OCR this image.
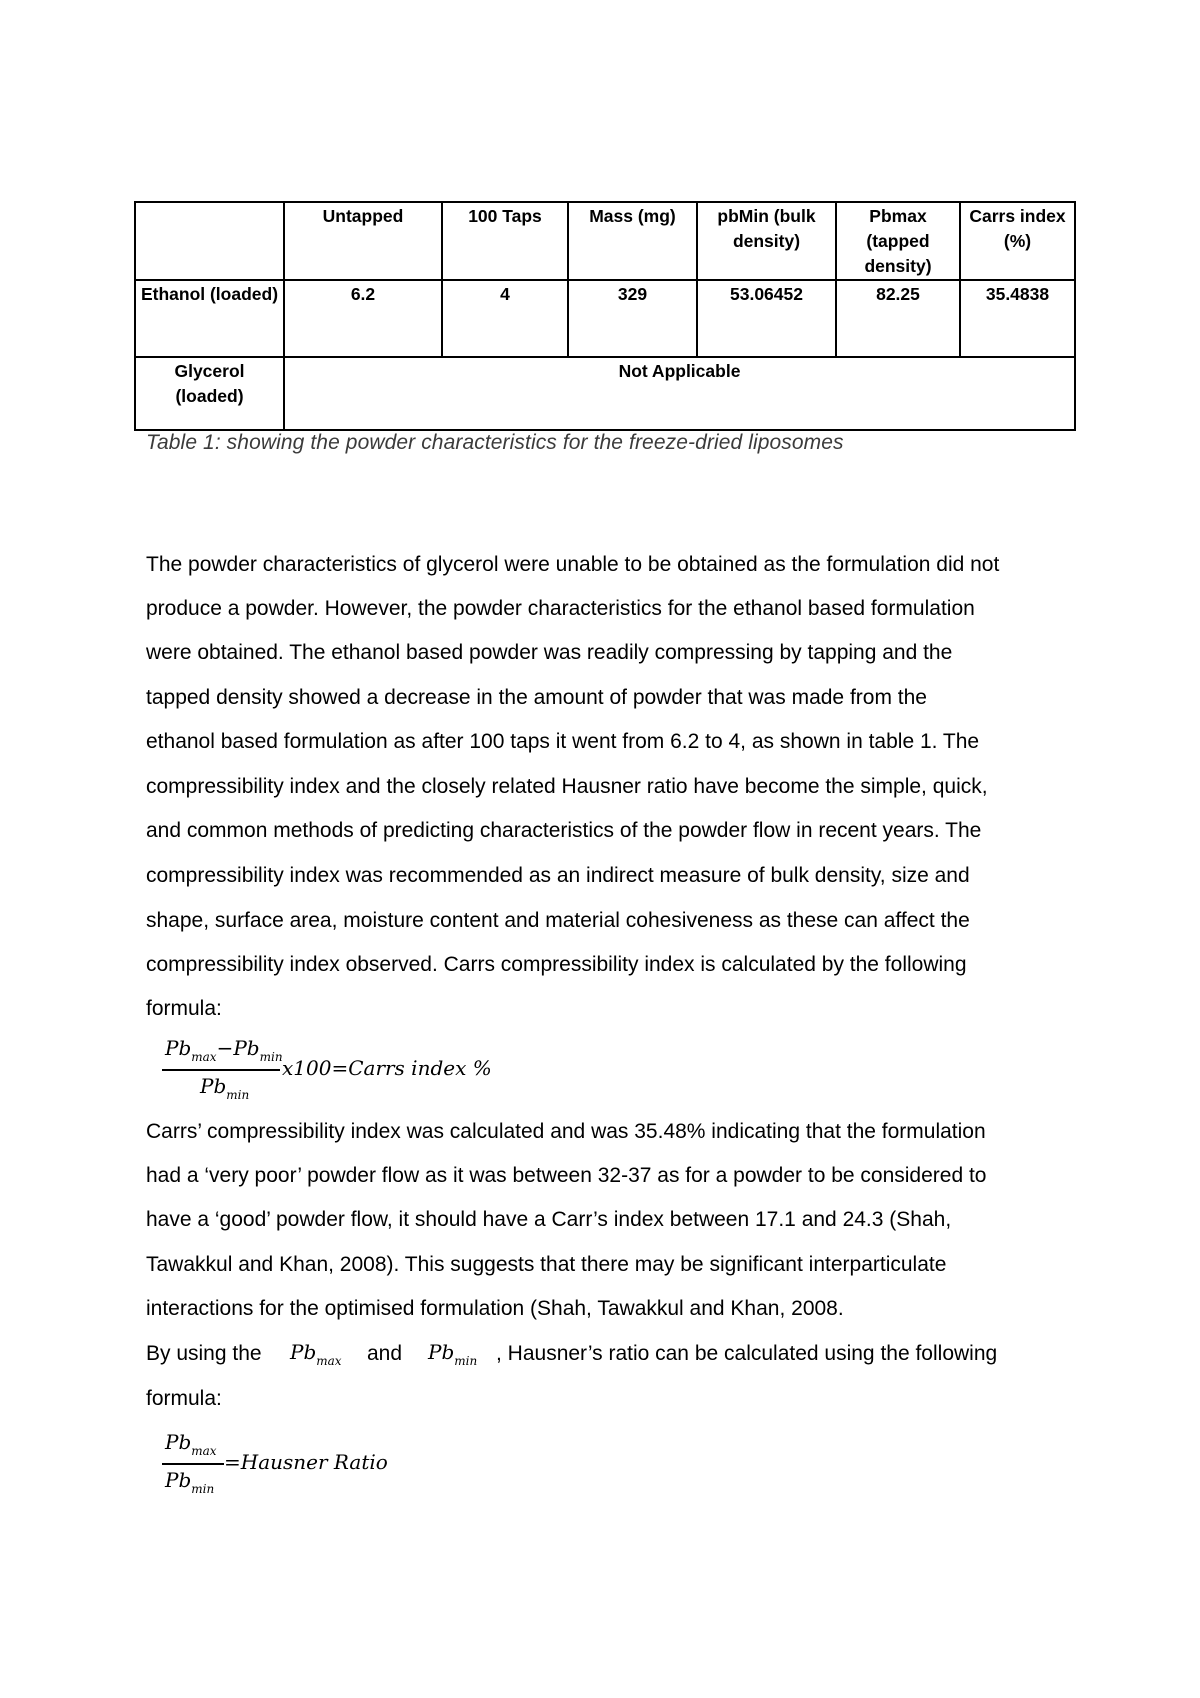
	Untapped	100 Taps	Mass (mg)	pbMin (bulk density)	Pbmax (tapped density)	Carrs index (%)
Ethanol (loaded)	6.2	4	329	53.06452	82.25	35.4838
Glycerol (loaded)	Not Applicable					
Table 1: showing the powder characteristics for the freeze-dried liposomes
The powder characteristics of glycerol were unable to be obtained as the formulation did not
produce a powder. However, the powder characteristics for the ethanol based formulation
were obtained. The ethanol based powder was readily compressing by tapping and the
tapped density showed a decrease in the amount of powder that was made from the
ethanol based formulation as after 100 taps it went from 6.2 to 4, as shown in table 1. The
compressibility index and the closely related Hausner ratio have become the simple, quick,
and common methods of predicting characteristics of the powder flow in recent years. The
compressibility index was recommended as an indirect measure of bulk density, size and
shape, surface area, moisture content and material cohesiveness as these can affect the
compressibility index observed. Carrs compressibility index is calculated by the following
formula:
$Pb_{max}-Pb_{min}$
$Pb_{min}$
x100=Carrs index %
Carrs’ compressibility index was calculated and was 35.48% indicating that the formulation
had a ‘very poor’ powder flow as it was between 32-37 as for a powder to be considered to
have a ‘good’ powder flow, it should have a Carr’s index between 17.1 and 24.3 (Shah,
Tawakkul and Khan, 2008). This suggests that there may be significant interparticulate
interactions for the optimised formulation (Shah, Tawakkul and Khan, 2008.
By using the $Pb_{max}$ and $Pb_{min}$ , Hausner’s ratio can be calculated using the following
formula:
$Pb_{max}$
$Pb_{min}$
=Hausner Ratio
